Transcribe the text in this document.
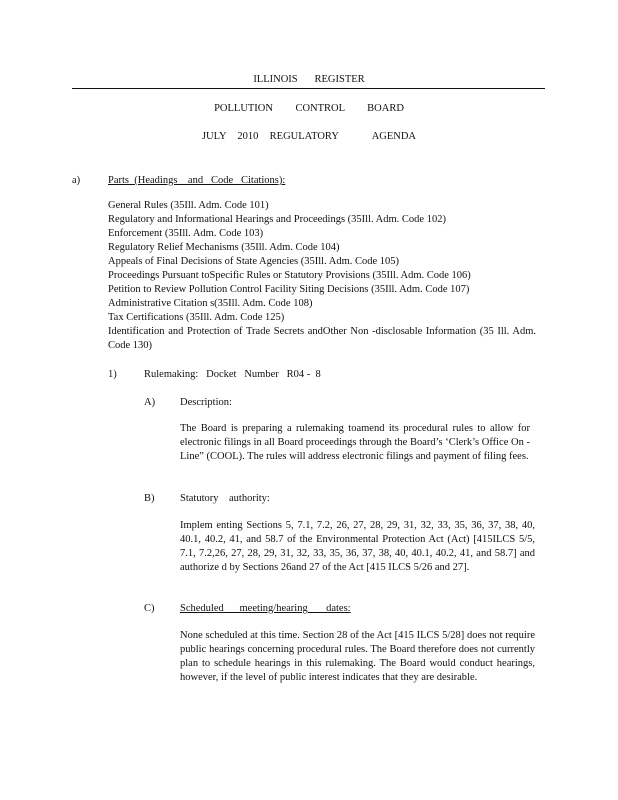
ILLINOIS   REGISTER
POLLUTION    CONTROL    BOARD
JULY  2010  REGULATORY      AGENDA
a)	Parts  (Headings    and   Code   Citations):
General Rules (35Ill. Adm. Code 101)
Regulatory and Informational Hearings and Proceedings (35Ill. Adm. Code 102)
Enforcement (35Ill. Adm. Code 103)
Regulatory Relief Mechanisms (35Ill. Adm. Code 104)
Appeals of Final Decisions of State Agencies (35Ill. Adm. Code 105)
Proceedings Pursuant toSpecific Rules or Statutory Provisions (35Ill. Adm. Code 106)
Petition to Review Pollution Control Facility Siting Decisions (35Ill. Adm. Code 107)
Administrative Citation s(35Ill. Adm. Code 108)
Tax Certifications (35Ill. Adm. Code 125)
Identification and Protection of Trade Secrets andOther Non -disclosable Information (35 Ill. Adm. Code 130)
1)	Rulemaking:   Docket   Number   R04 -  8
A) Description:
The Board is preparing a rulemaking toamend its procedural rules to allow for electronic filings in all Board proceedings through the Board’s ‘Clerk’s Office On -Line” (COOL). The rules will address electronic filings and payment of filing fees.
B) Statutory    authority:
Implem enting Sections 5, 7.1, 7.2, 26, 27, 28, 29, 31, 32, 33, 35, 36, 37, 38, 40, 40.1, 40.2, 41, and 58.7 of the Environmental Protection Act (Act) [415ILCS 5/5, 7.1, 7.2,26, 27, 28, 29, 31, 32, 33, 35, 36, 37, 38, 40, 40.1, 40.2, 41, and 58.7] and authorize d by Sections 26and 27 of the Act [415 ILCS 5/26 and 27].
C) Scheduled      meeting/hearing       dates:
None scheduled at this time. Section 28 of the Act [415 ILCS 5/28] does not require public hearings concerning procedural rules. The Board therefore does not currently plan to schedule hearings in this rulemaking. The Board would conduct hearings, however, if the level of public interest indicates that they are desirable.
